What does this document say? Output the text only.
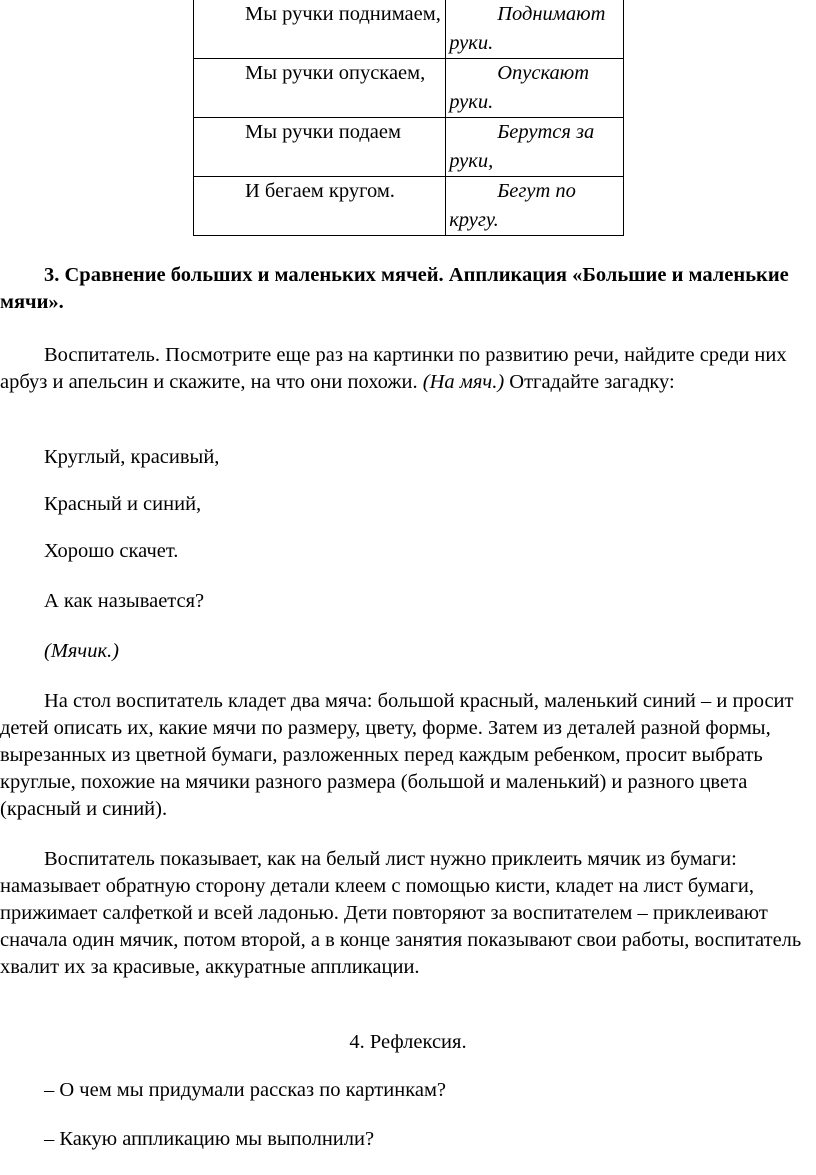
Мы ручки поднимаем,	Поднимают руки.
Мы ручки опускаем,	Опускают руки.
Мы ручки подаем	Берутся за руки,
И бегаем кругом.	Бегут по кругу.

3. Сравнение больших и маленьких мячей. Аппликация «Большие и маленькие мячи».

Воспитатель. Посмотрите еще раз на картинки по развитию речи, найдите среди них арбуз и апельсин и скажите, на что они похожи. (На мяч.) Отгадайте загадку:

Круглый, красивый,

Красный и синий,

Хорошо скачет.

А как называется?

(Мячик.)

На стол воспитатель кладет два мяча: большой красный, маленький синий – и просит детей описать их, какие мячи по размеру, цвету, форме. Затем из деталей разной формы, вырезанных из цветной бумаги, разложенных перед каждым ребенком, просит выбрать круглые, похожие на мячики разного размера (большой и маленький) и разного цвета (красный и синий).

Воспитатель показывает, как на белый лист нужно приклеить мячик из бумаги: намазывает обратную сторону детали клеем с помощью кисти, кладет на лист бумаги, прижимает салфеткой и всей ладонью. Дети повторяют за воспитателем – приклеивают сначала один мячик, потом второй, а в конце занятия показывают свои работы, воспитатель хвалит их за красивые, аккуратные аппликации.

4. Рефлексия.

– О чем мы придумали рассказ по картинкам?

– Какую аппликацию мы выполнили?
